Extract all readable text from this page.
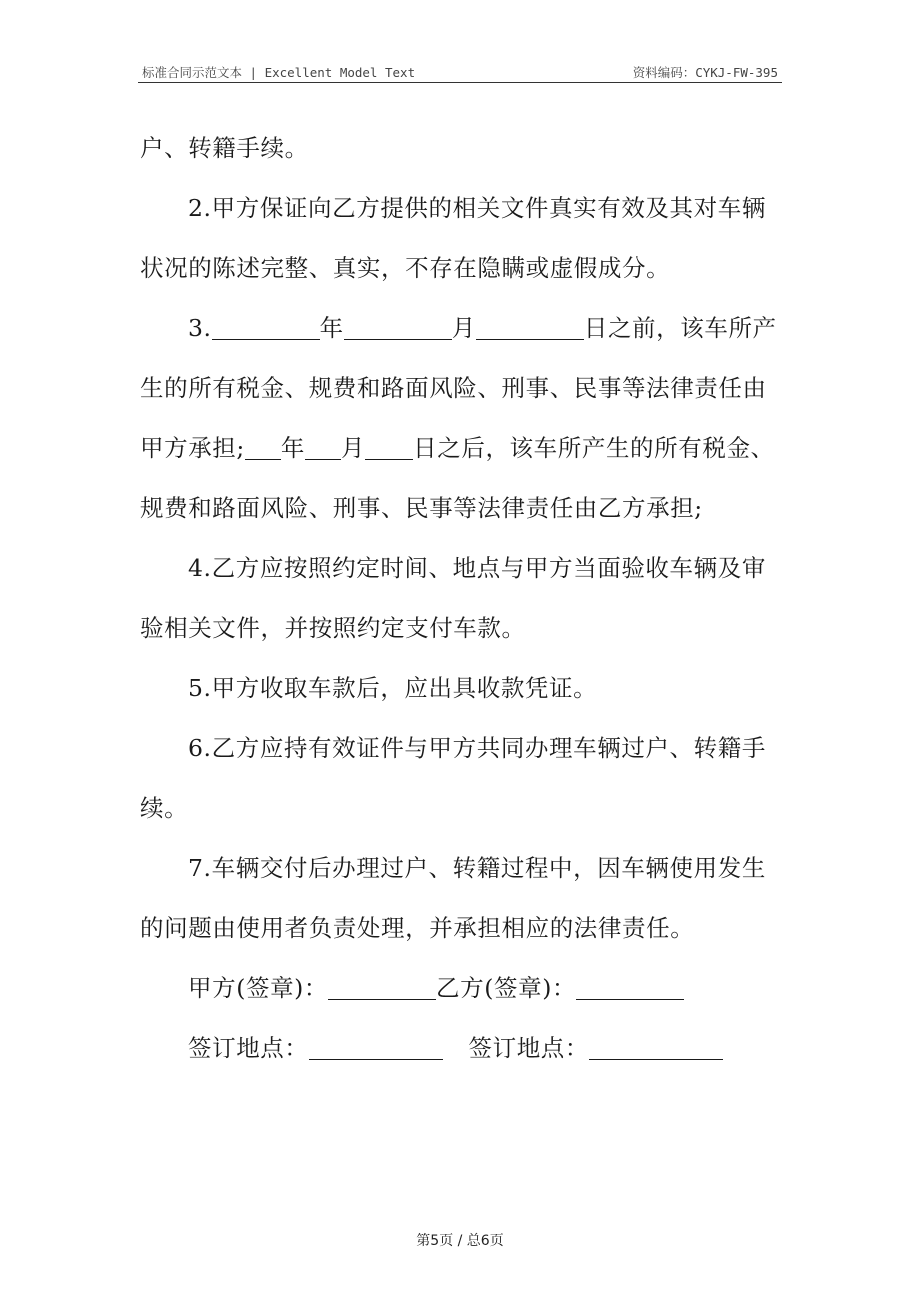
标准合同示范文本 | Excellent Model Text	资料编码：CYKJ-FW-395

户、转籍手续。

2.甲方保证向乙方提供的相关文件真实有效及其对车辆状况的陈述完整、真实，不存在隐瞒或虚假成分。

3.	年	月	日之前，该车所产生的所有税金、规费和路面风险、刑事、民事等法律责任由甲方承担; 年 月 日之后，该车所产生的所有税金、规费和路面风险、刑事、民事等法律责任由乙方承担;

4.乙方应按照约定时间、地点与甲方当面验收车辆及审验相关文件，并按照约定支付车款。

5.甲方收取车款后，应出具收款凭证。

6.乙方应持有效证件与甲方共同办理车辆过户、转籍手续。

7.车辆交付后办理过户、转籍过程中，因车辆使用发生的问题由使用者负责处理，并承担相应的法律责任。

甲方(签章)：	乙方(签章)：

签订地点：	签订地点：

第5页 / 总6页
